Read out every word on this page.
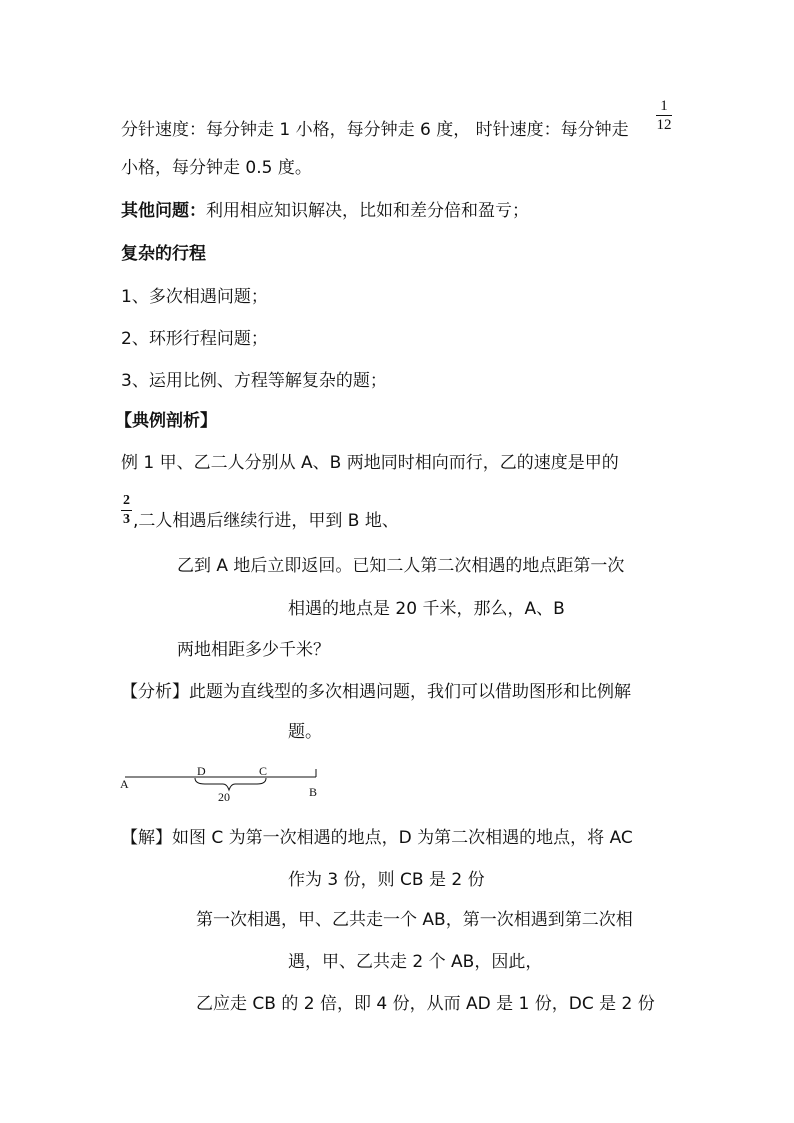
分针速度：每分钟走 1 小格，每分钟走 6 度， 时针速度：每分钟走
1
12
小格，每分钟走 0.5 度。
其他问题：利用相应知识解决，比如和差分倍和盈亏；
复杂的行程
1、多次相遇问题；
2、环形行程问题；
3、运用比例、方程等解复杂的题；
【典例剖析】
例 1 甲、乙二人分别从 A、B 两地同时相向而行，乙的速度是甲的
2
3 ,二人相遇后继续行进，甲到 B 地、
乙到 A 地后立即返回。已知二人第二次相遇的地点距第一次
相遇的地点是 20 千米，那么，A、B
两地相距多少千米？
【分析】此题为直线型的多次相遇问题，我们可以借助图形和比例解
题。
A
D	C
B
20
【解】如图 C 为第一次相遇的地点，D 为第二次相遇的地点，将 AC
作为 3 份，则 CB 是 2 份
第一次相遇，甲、乙共走一个 AB，第一次相遇到第二次相
遇，甲、乙共走 2 个 AB，因此，
乙应走 CB 的 2 倍，即 4 份，从而 AD 是 1 份，DC 是 2 份
